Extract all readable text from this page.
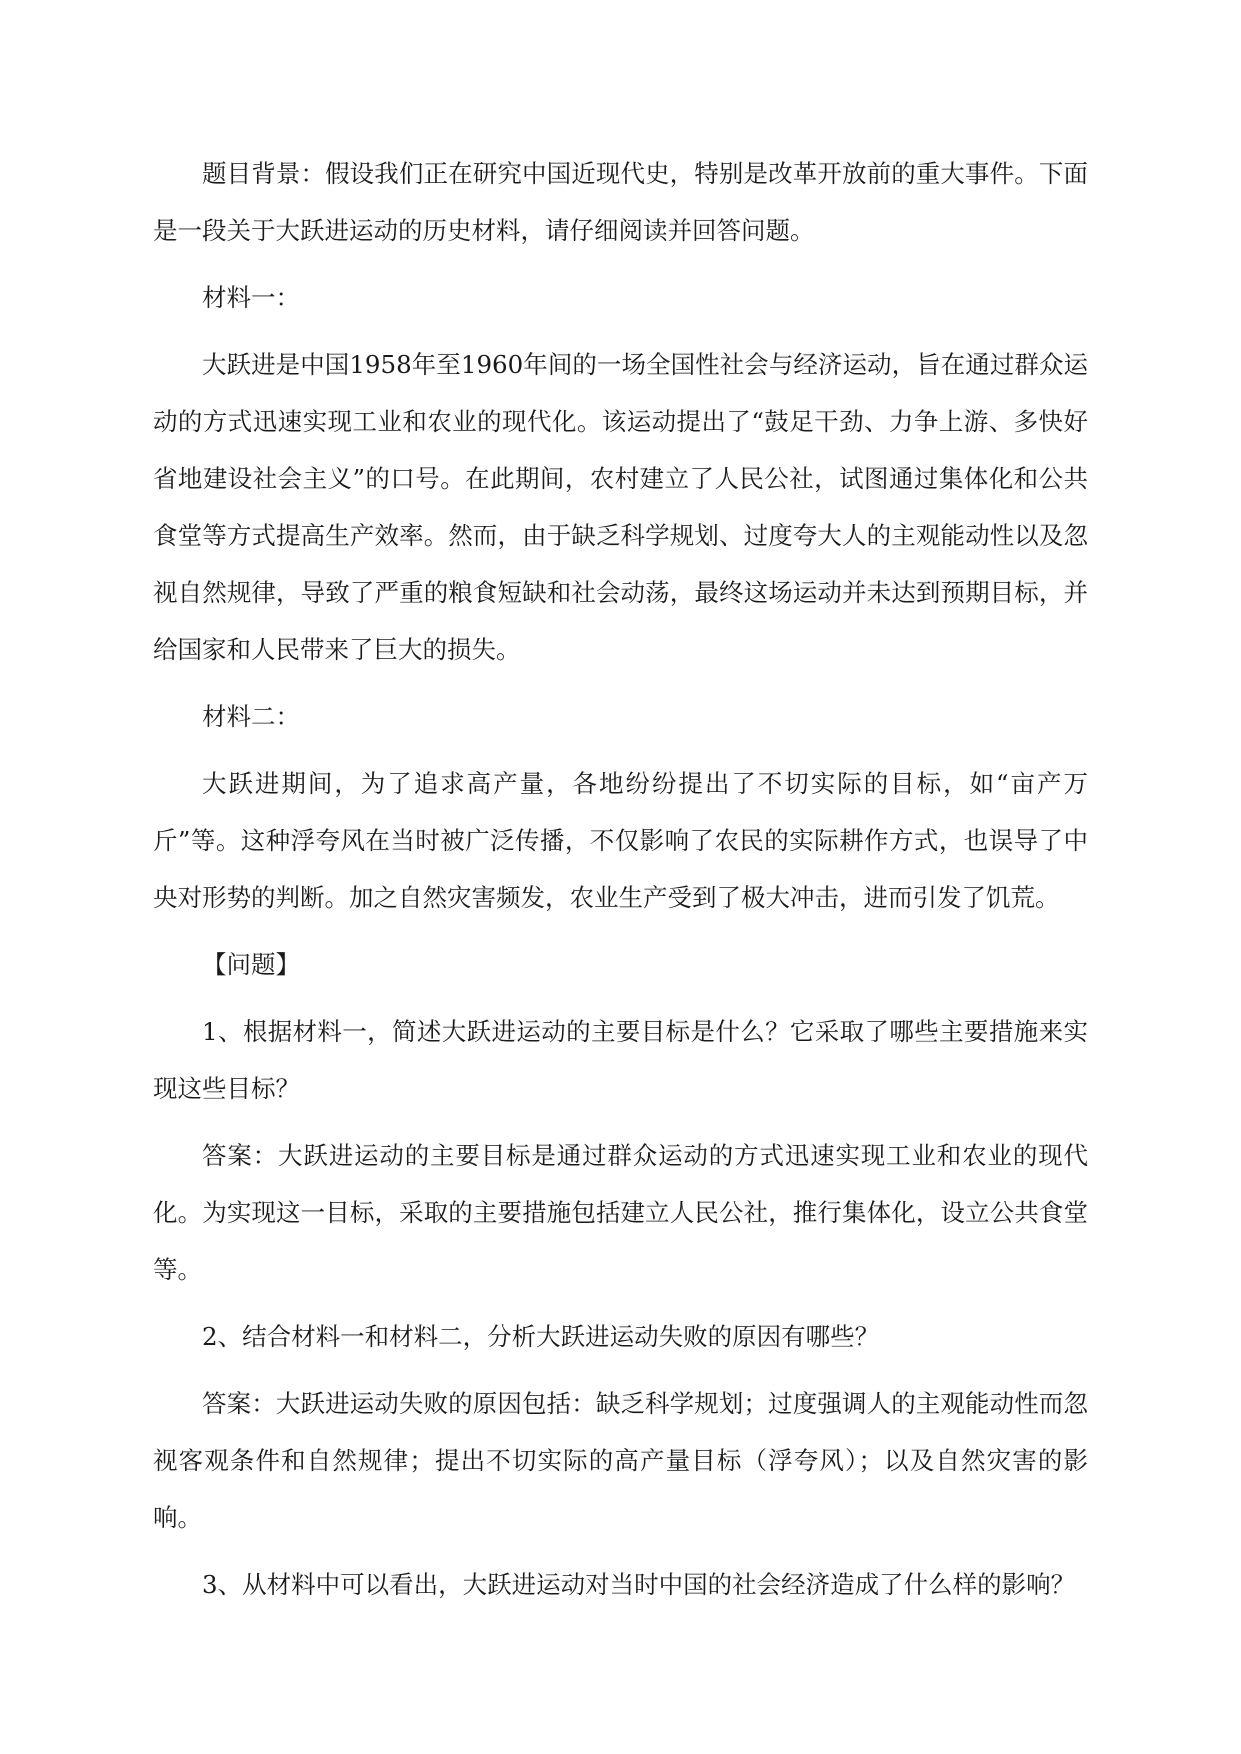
题目背景：假设我们正在研究中国近现代史，特别是改革开放前的重大事件。下面是一段关于大跃进运动的历史材料，请仔细阅读并回答问题。

材料一：

大跃进是中国1958年至1960年间的一场全国性社会与经济运动，旨在通过群众运动的方式迅速实现工业和农业的现代化。该运动提出了“鼓足干劲、力争上游、多快好省地建设社会主义”的口号。在此期间，农村建立了人民公社，试图通过集体化和公共食堂等方式提高生产效率。然而，由于缺乏科学规划、过度夸大人的主观能动性以及忽视自然规律，导致了严重的粮食短缺和社会动荡，最终这场运动并未达到预期目标，并给国家和人民带来了巨大的损失。

材料二：

大跃进期间，为了追求高产量，各地纷纷提出了不切实际的目标，如“亩产万斤”等。这种浮夸风在当时被广泛传播，不仅影响了农民的实际耕作方式，也误导了中央对形势的判断。加之自然灾害频发，农业生产受到了极大冲击，进而引发了饥荒。

【问题】

1、根据材料一，简述大跃进运动的主要目标是什么？它采取了哪些主要措施来实现这些目标？

答案：大跃进运动的主要目标是通过群众运动的方式迅速实现工业和农业的现代化。为实现这一目标，采取的主要措施包括建立人民公社，推行集体化，设立公共食堂等。

2、结合材料一和材料二，分析大跃进运动失败的原因有哪些？

答案：大跃进运动失败的原因包括：缺乏科学规划；过度强调人的主观能动性而忽视客观条件和自然规律；提出不切实际的高产量目标（浮夸风）；以及自然灾害的影响。

3、从材料中可以看出，大跃进运动对当时中国的社会经济造成了什么样的影响？
